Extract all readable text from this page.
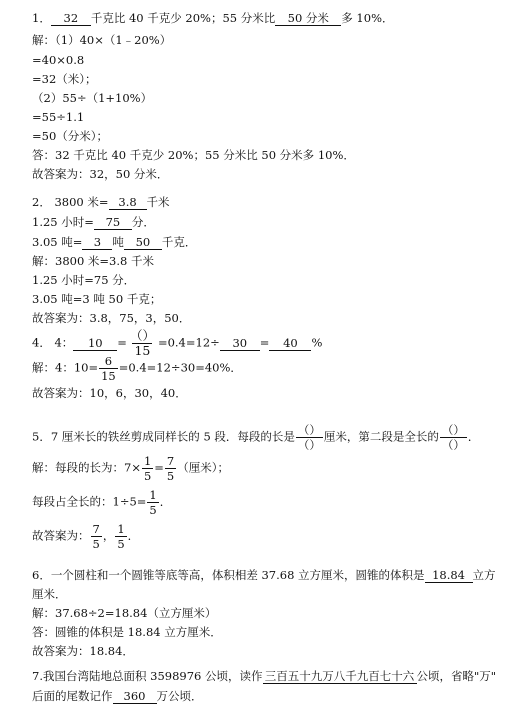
1． 32 千克比 40 千克少 20%；55 分米比 50 分米 多 10%．
解：（1）40×（1﹣20%）
=40×0.8
=32（米）；
（2）55÷（1+10%）
=55÷1.1
=50（分米）；
答：32 千克比 40 千克少 20%；55 分米比 50 分米多 10%．
故答案为：32，50 分米．
2． 3800 米= 3.8 千米
1.25 小时= 75 分．
3.05 吨= 3 吨 50 千克．
解：3800 米=3.8 千米
1.25 小时=75 分．
3.05 吨=3 吨 50 千克；
故答案为：3.8，75，3，50．
4． 4： $10 = \frac{()}{15} =0.4=12\div 30 = 40$ %
解：4：$10= \frac{6}{15} =0.4=12\div 30=40\%$．
故答案为：10，6，30，40．
5．7 厘米长的铁丝剪成同样长的 5 段．每段的长是 $\frac{()}{()}$ 厘米，第二段是全长的 $\frac{()}{()}$ ．
解：每段的长为：$7\times \frac{1}{5} = \frac{7}{5}$ （厘米）；
每段占全长的：$1\div 5= \frac{1}{5}$ ．
故答案为： $\frac{7}{5}$ ， $\frac{1}{5}$ ．
6．一个圆柱和一个圆锥等底等高，体积相差 37.68 立方厘米，圆锥的体积是 18.84 立方
厘米．
解：37.68÷2=18.84（立方厘米）
答：圆锥的体积是 18.84 立方厘米．
故答案为：18.84．
7.我国台湾陆地总面积 3598976 公顷，读作 三百五十九万八千九百七十六 公顷，省略"万"
后面的尾数记作 360 万公顷．
